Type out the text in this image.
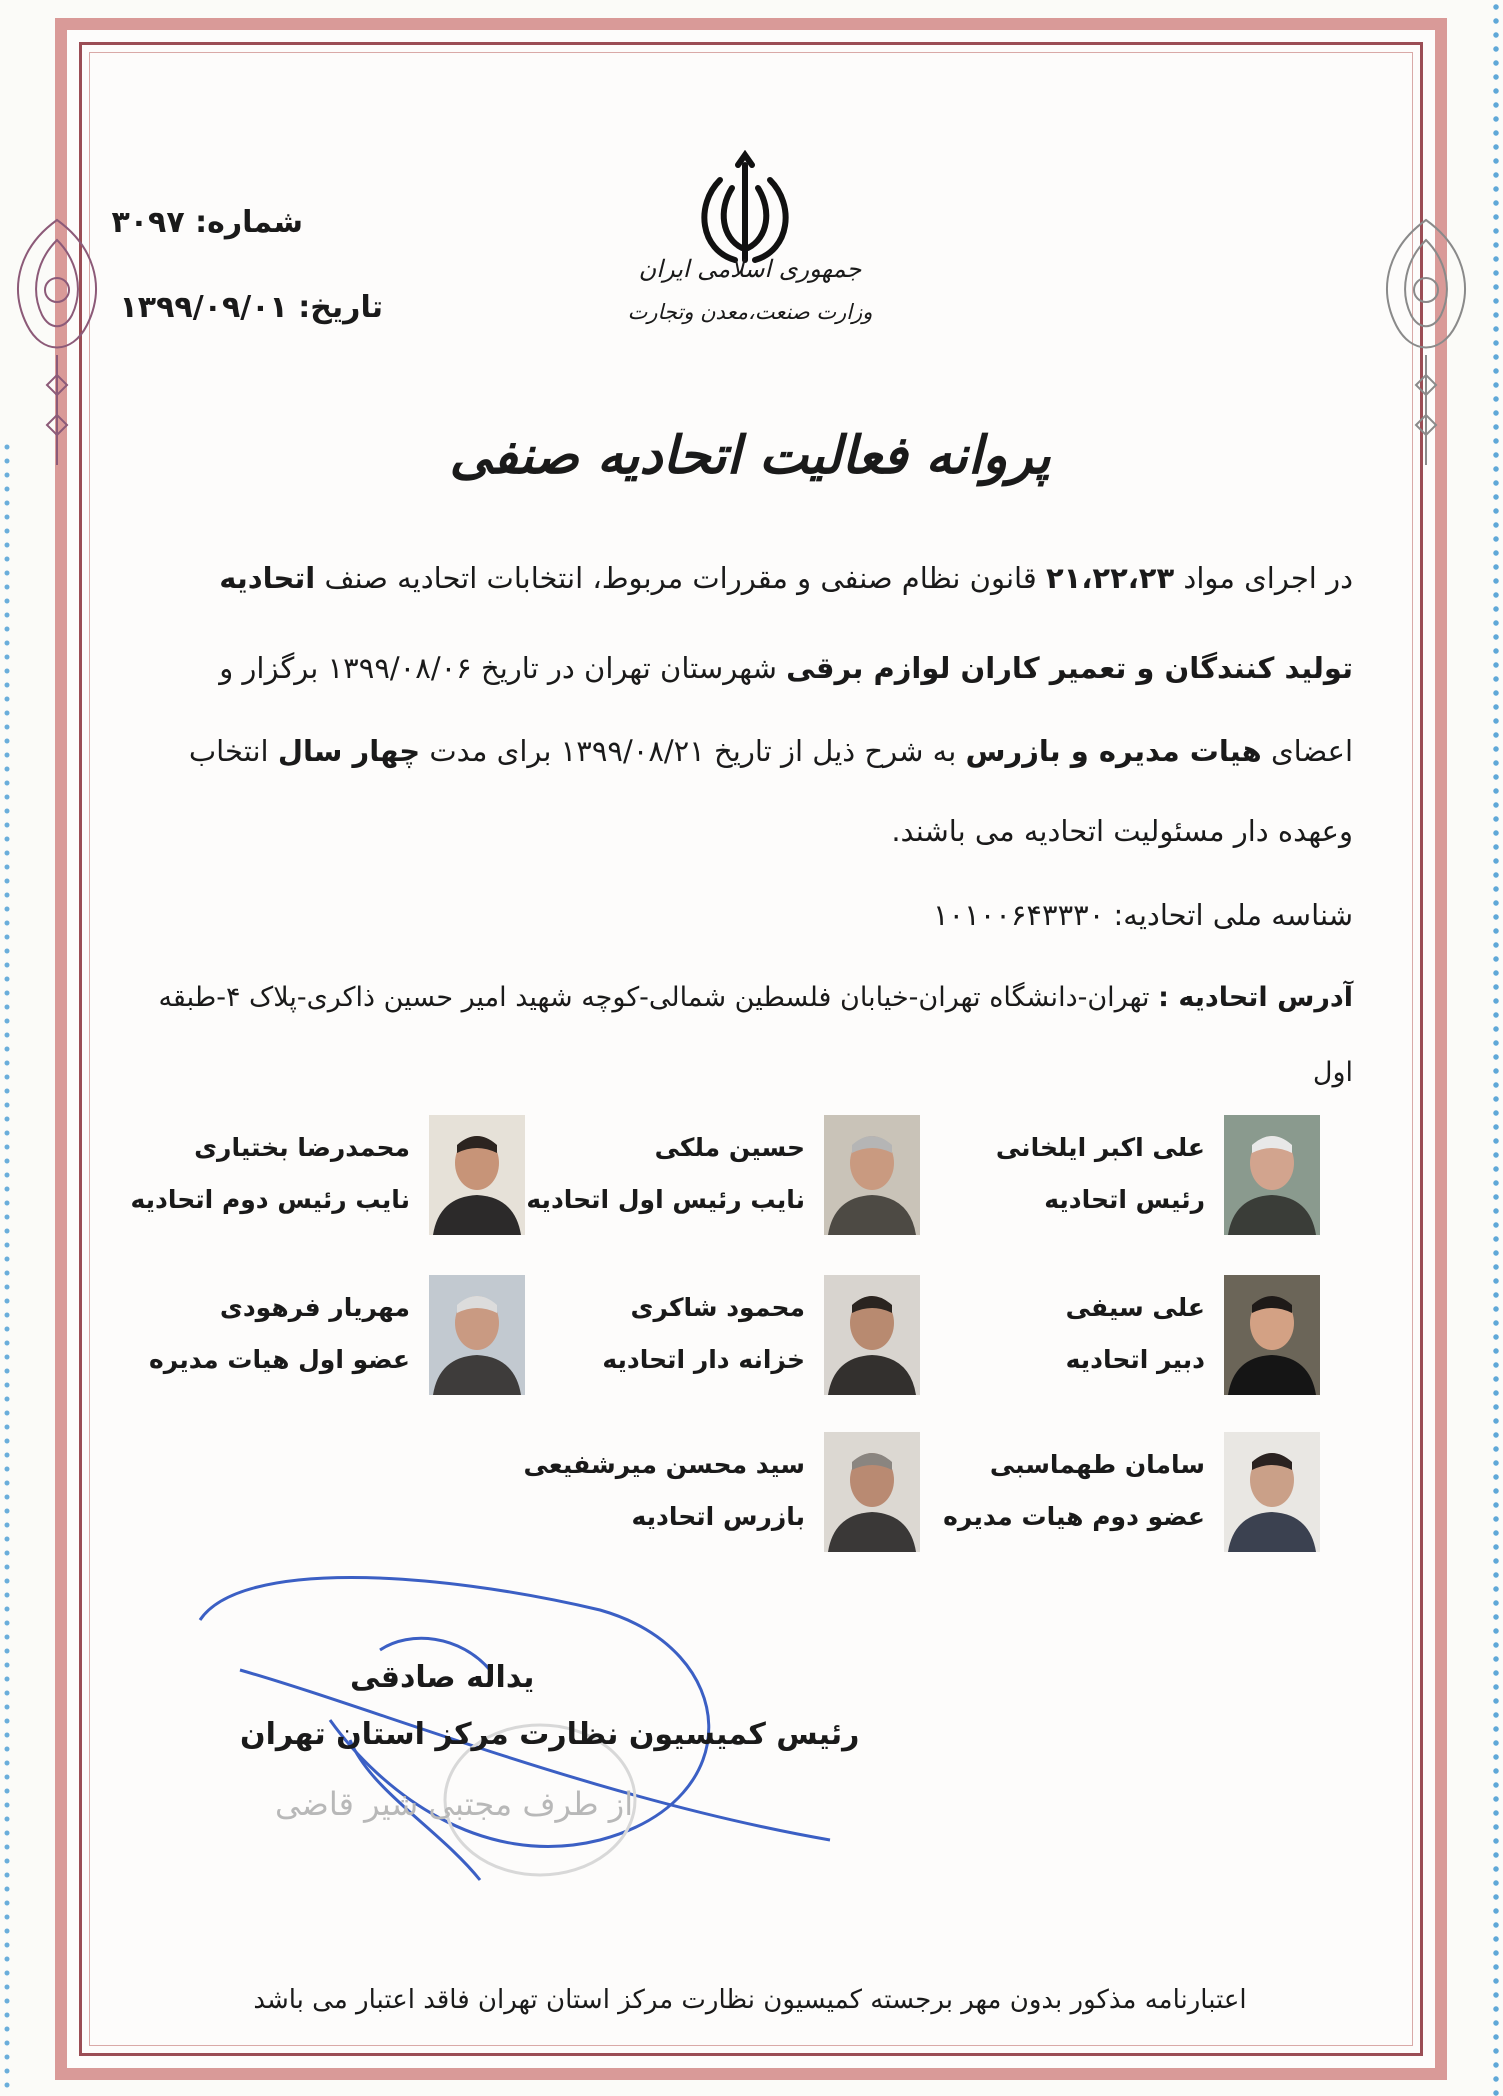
شماره: ۳۰۹۷
تاریخ: ۱۳۹۹/۰۹/۰۱
جمهوری اسلامی ایران
وزارت صنعت،معدن وتجارت
پروانه فعالیت اتحادیه صنفی
در اجرای مواد ۲۱،۲۲،۲۳ قانون نظام صنفی و مقررات مربوط، انتخابات اتحادیه صنف اتحادیه
تولید کنندگان و تعمیر کاران لوازم برقی شهرستان تهران در تاریخ ۱۳۹۹/۰۸/۰۶ برگزار و
اعضای هیات مدیره و بازرس به شرح ذیل از تاریخ ۱۳۹۹/۰۸/۲۱ برای مدت چهار سال انتخاب
وعهده دار مسئولیت اتحادیه می باشند.
شناسه ملی اتحادیه: ۱۰۱۰۰۶۴۳۳۳۰
آدرس اتحادیه : تهران-دانشگاه تهران-خیابان فلسطین شمالی-کوچه شهید امیر حسین ذاکری-پلاک ۴-طبقه
اول
علی اکبر ایلخانی
رئیس اتحادیه
حسین ملکی
نایب رئیس اول اتحادیه
محمدرضا بختیاری
نایب رئیس دوم اتحادیه
علی سیفی
دبیر اتحادیه
محمود شاکری
خزانه دار اتحادیه
مهریار فرهودی
عضو اول هیات مدیره
سامان طهماسبی
عضو دوم هیات مدیره
سید محسن میرشفیعی
بازرس اتحادیه
یداله صادقی
رئیس کمیسیون نظارت مرکز استان تهران
از طرف مجتبی شیر قاضی
اعتبارنامه مذکور بدون مهر برجسته کمیسیون نظارت مرکز استان تهران فاقد اعتبار می باشد
